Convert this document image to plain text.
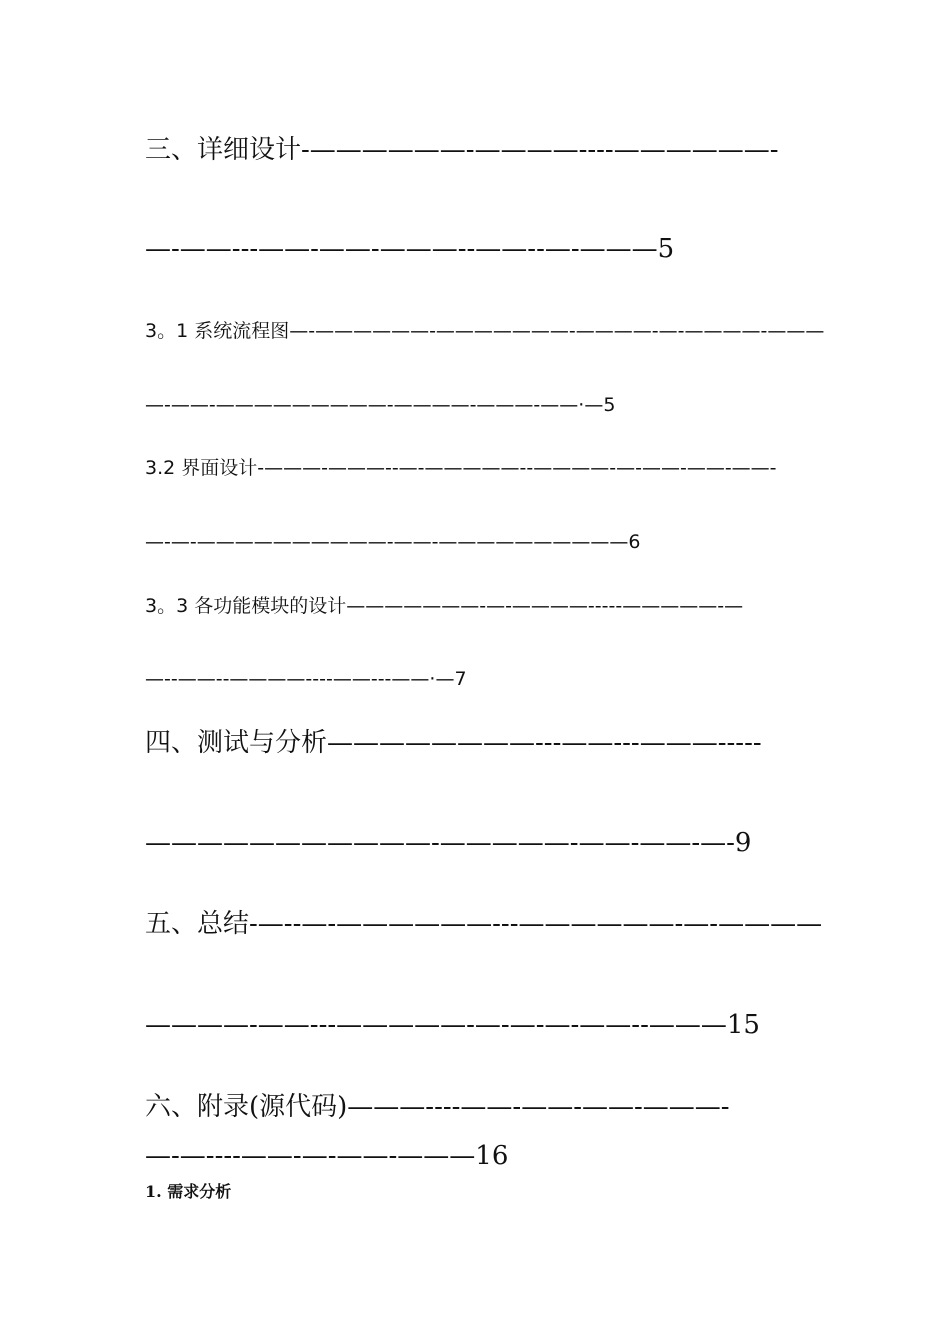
三、详细设计-——————-————----——————-
—-——---——-——-———--——--—-———5
3。1 系统流程图—-——————-———————-————-—-————-———
—-——-—————————-————-———-——·—5
3.2 界面设计-———-———--—-—————--————-—-——-——-——-
—-—-——————————-——-——————————6
3。3 各功能模块的设计———————-—-————-----—————-—
—--——--————----——---——·—7
四、测试与分析————————---——---———-----
———————————-—————-——-——-—-9
五、总结-—--—-——————---——————-—-————
————-——---—————-—-—-—-——--———15
六、附录(源代码)———----——-——-——-———-
—-—----——-—-——-———16
1. 需求分析
